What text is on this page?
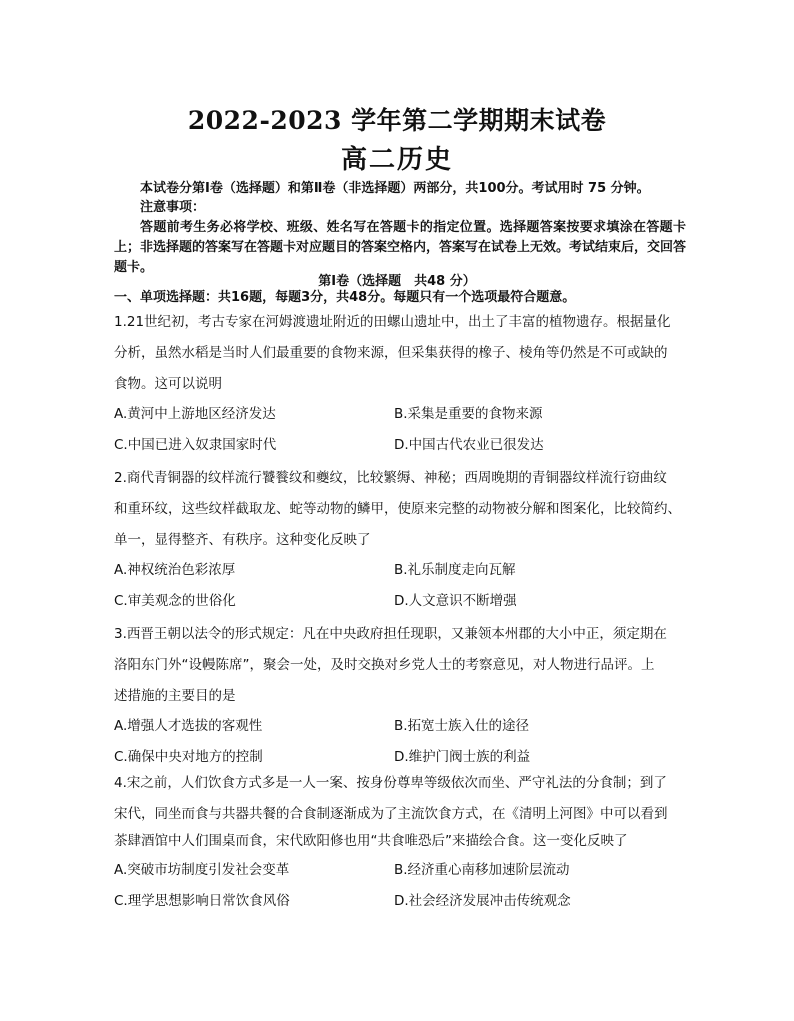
2022-2023 学年第二学期期末试卷
高二历史
本试卷分第Ⅰ卷（选择题）和第Ⅱ卷（非选择题）两部分，共100分。考试用时 75 分钟。
注意事项：
答题前考生务必将学校、班级、姓名写在答题卡的指定位置。选择题答案按要求填涂在答题卡上；非选择题的答案写在答题卡对应题目的答案空格内，答案写在试卷上无效。考试结束后，交回答题卡。
第Ⅰ卷（选择题　共48 分）
一、单项选择题：共16题，每题3分，共48分。每题只有一个选项最符合题意。
1.21世纪初，考古专家在河姆渡遗址附近的田螺山遗址中，出土了丰富的植物遗存。根据量化
分析，虽然水稻是当时人们最重要的食物来源，但采集获得的橡子、棱角等仍然是不可或缺的
食物。这可以说明
A.黄河中上游地区经济发达	B.采集是重要的食物来源
C.中国已进入奴隶国家时代	D.中国古代农业已很发达
2.商代青铜器的纹样流行饕餮纹和夔纹，比较繁缛、神秘；西周晚期的青铜器纹样流行窃曲纹
和重环纹，这些纹样截取龙、蛇等动物的鳞甲，使原来完整的动物被分解和图案化，比较简约、
单一，显得整齐、有秩序。这种变化反映了
A.神权统治色彩浓厚	B.礼乐制度走向瓦解
C.审美观念的世俗化	D.人文意识不断增强
3.西晋王朝以法令的形式规定：凡在中央政府担任现职，又兼领本州郡的大小中正，须定期在
洛阳东门外“设幔陈席”，聚会一处，及时交换对乡党人士的考察意见，对人物进行品评。上
述措施的主要目的是
A.增强人才选拔的客观性	B.拓宽士族入仕的途径
C.确保中央对地方的控制	D.维护门阀士族的利益
4.宋之前，人们饮食方式多是一人一案、按身份尊卑等级依次而坐、严守礼法的分食制；到了
宋代，同坐而食与共器共餐的合食制逐渐成为了主流饮食方式，在《清明上河图》中可以看到
茶肆酒馆中人们围桌而食，宋代欧阳修也用“共食唯恐后”来描绘合食。这一变化反映了
A.突破市坊制度引发社会变革	B.经济重心南移加速阶层流动
C.理学思想影响日常饮食风俗	D.社会经济发展冲击传统观念
